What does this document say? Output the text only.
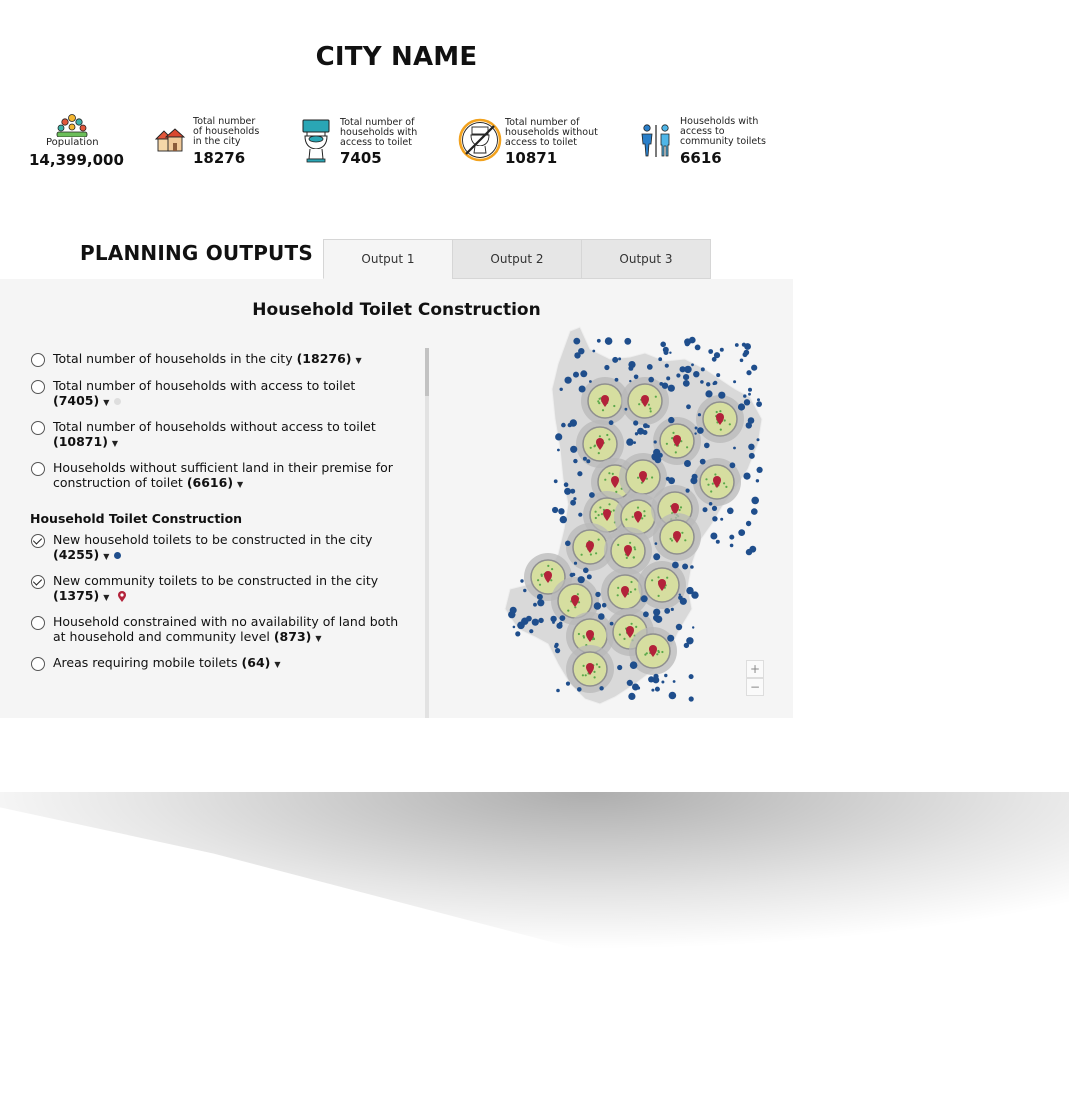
CITY NAME
Population
14,399,000
Total number of households in the city
18276
Total number of households with access to toilet
7405
Total number of households without access to toilet
10871
Households with access to community toilets
6616
PLANNING OUTPUTS	Output 1	Output 2	Output 3
Household Toilet Construction
Total number of households in the city (18276) ▼
Total number of households with access to toilet (7405) ▼
Total number of households without access to toilet (10871) ▼
Households without sufficient land in their premise for construction of toilet (6616) ▼
Household Toilet Construction
New household toilets to be constructed in the city (4255) ▼
New community toilets to be constructed in the city (1375) ▼
Household constrained with no availability of land both at household and community level (873) ▼
Areas requiring mobile toilets (64) ▼	+
−
